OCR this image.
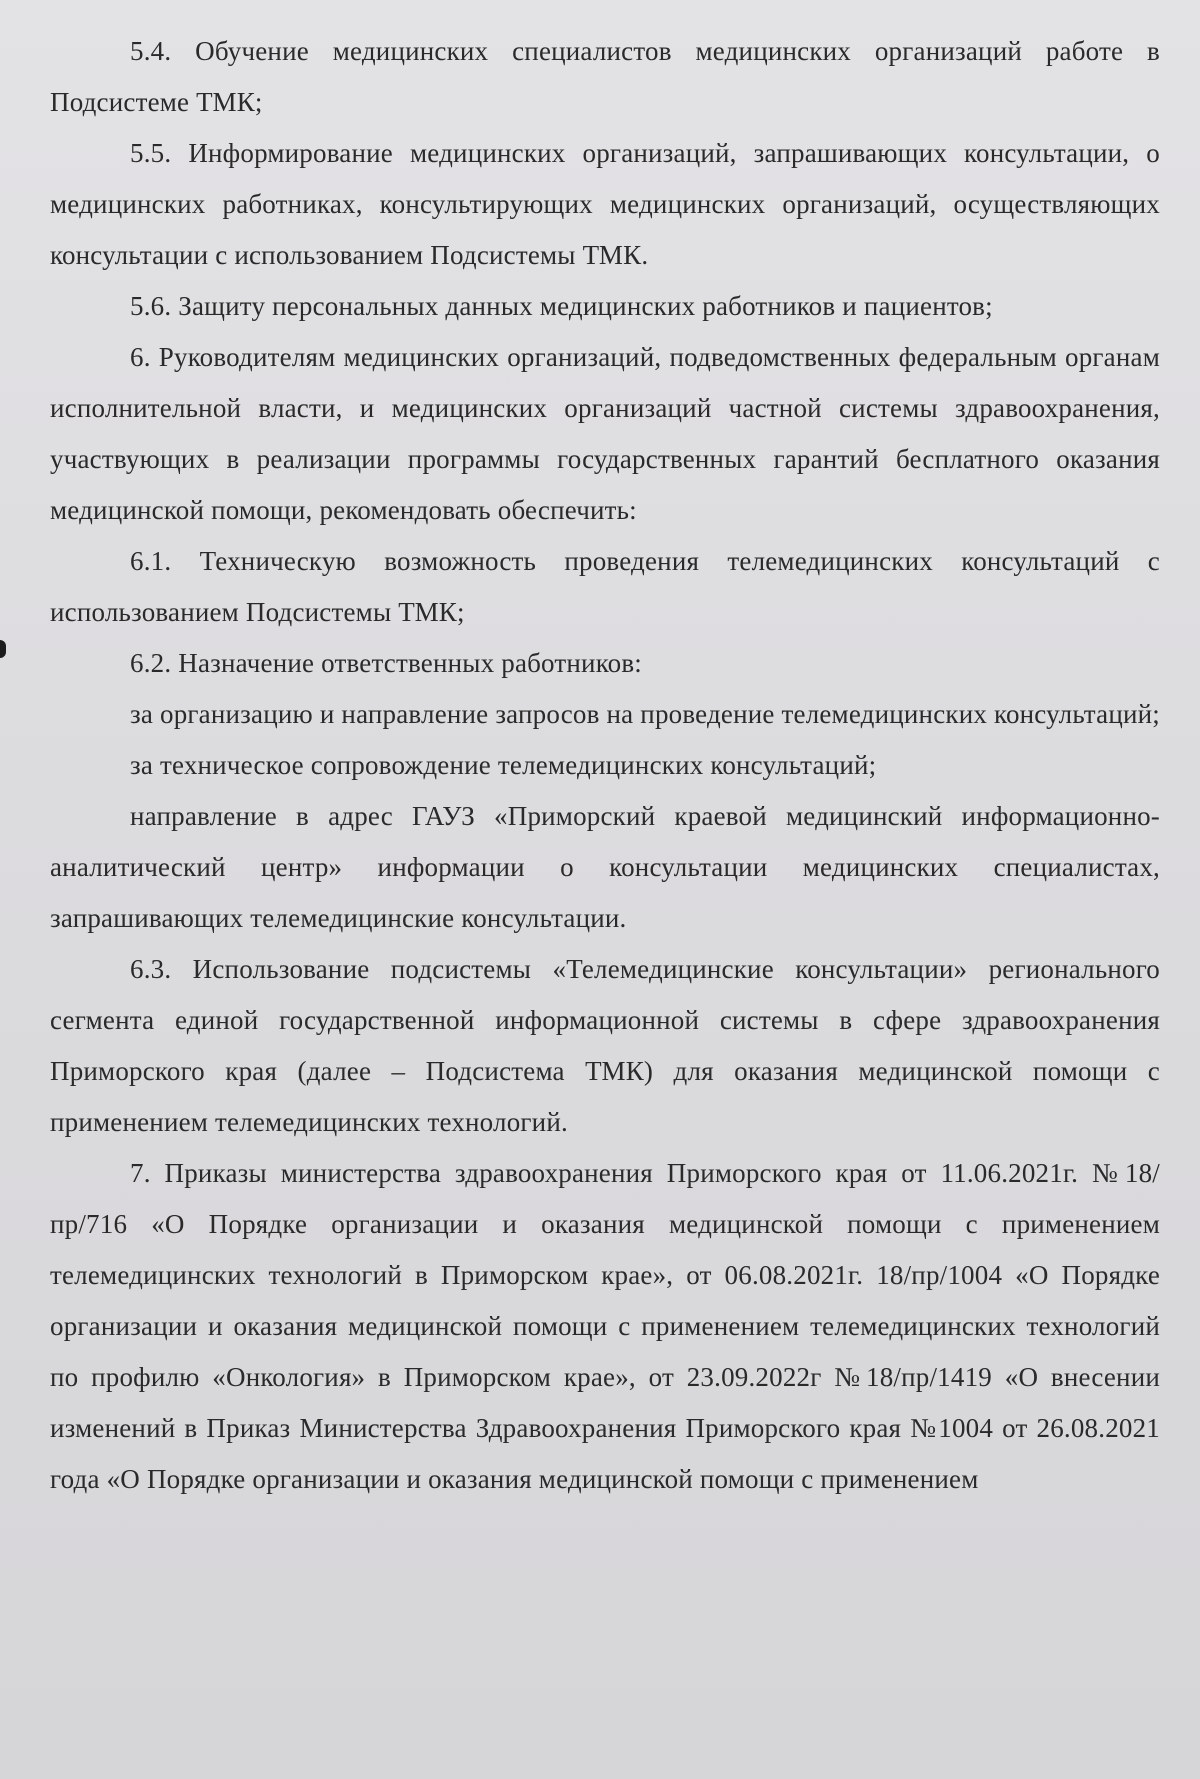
5.4. Обучение медицинских специалистов медицинских организаций работе в Подсистеме ТМК;

5.5. Информирование медицинских организаций, запрашивающих консультации, о медицинских работниках, консультирующих медицинских организаций, осуществляющих консультации с использованием Подсистемы ТМК.

5.6. Защиту персональных данных медицинских работников и пациентов;

6. Руководителям медицинских организаций, подведомственных федеральным органам исполнительной власти, и медицинских организаций частной системы здравоохранения, участвующих в реализации программы государственных гарантий бесплатного оказания медицинской помощи, рекомендовать обеспечить:

6.1. Техническую возможность проведения телемедицинских консультаций с использованием Подсистемы ТМК;

6.2. Назначение ответственных работников:

за организацию и направление запросов на проведение телемедицинских консультаций;

за техническое сопровождение телемедицинских консультаций;

направление в адрес ГАУЗ «Приморский краевой медицинский информационно-аналитический центр» информации о консультации медицинских специалистах, запрашивающих телемедицинские консультации.

6.3. Использование подсистемы «Телемедицинские консультации» регионального сегмента единой государственной информационной системы в сфере здравоохранения Приморского края (далее – Подсистема ТМК) для оказания медицинской помощи с применением телемедицинских технологий.

7. Приказы министерства здравоохранения Приморского края от 11.06.2021г. №18/пр/716 «О Порядке организации и оказания медицинской помощи с применением телемедицинских технологий в Приморском крае», от 06.08.2021г. 18/пр/1004 «О Порядке организации и оказания медицинской помощи с применением телемедицинских технологий по профилю «Онкология» в Приморском крае», от 23.09.2022г №18/пр/1419 «О внесении изменений в Приказ Министерства Здравоохранения Приморского края №1004 от 26.08.2021 года «О Порядке организации и оказания медицинской помощи с применением
